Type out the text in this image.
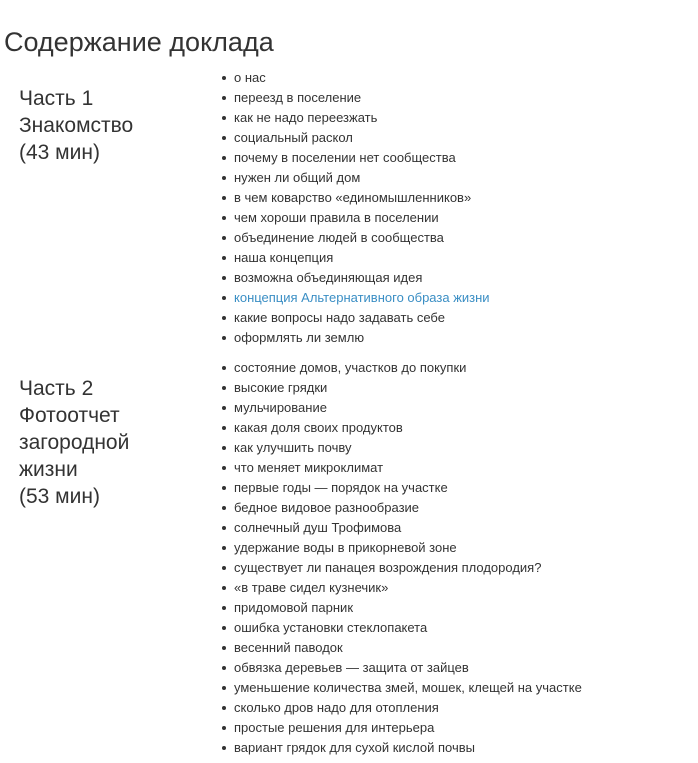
Содержание доклада
Часть 1
Знакомство
(43 мин)
о нас
переезд в поселение
как не надо переезжать
социальный раскол
почему в поселении нет сообщества
нужен ли общий дом
в чем коварство «единомышленников»
чем хороши правила в поселении
объединение людей в сообщества
наша концепция
возможна объединяющая идея
концепция Альтернативного образа жизни
какие вопросы надо задавать себе
оформлять ли землю
Часть 2
Фотоотчет
загородной
жизни
(53 мин)
состояние домов, участков до покупки
высокие грядки
мульчирование
какая доля своих продуктов
как улучшить почву
что меняет микроклимат
первые годы — порядок на участке
бедное видовое разнообразие
солнечный душ Трофимова
удержание воды в прикорневой зоне
существует ли панацея возрождения плодородия?
«в траве сидел кузнечик»
придомовой парник
ошибка установки стеклопакета
весенний паводок
обвязка деревьев — защита от зайцев
уменьшение количества змей, мошек, клещей на участке
сколько дров надо для отопления
простые решения для интерьера
вариант грядок для сухой кислой почвы
